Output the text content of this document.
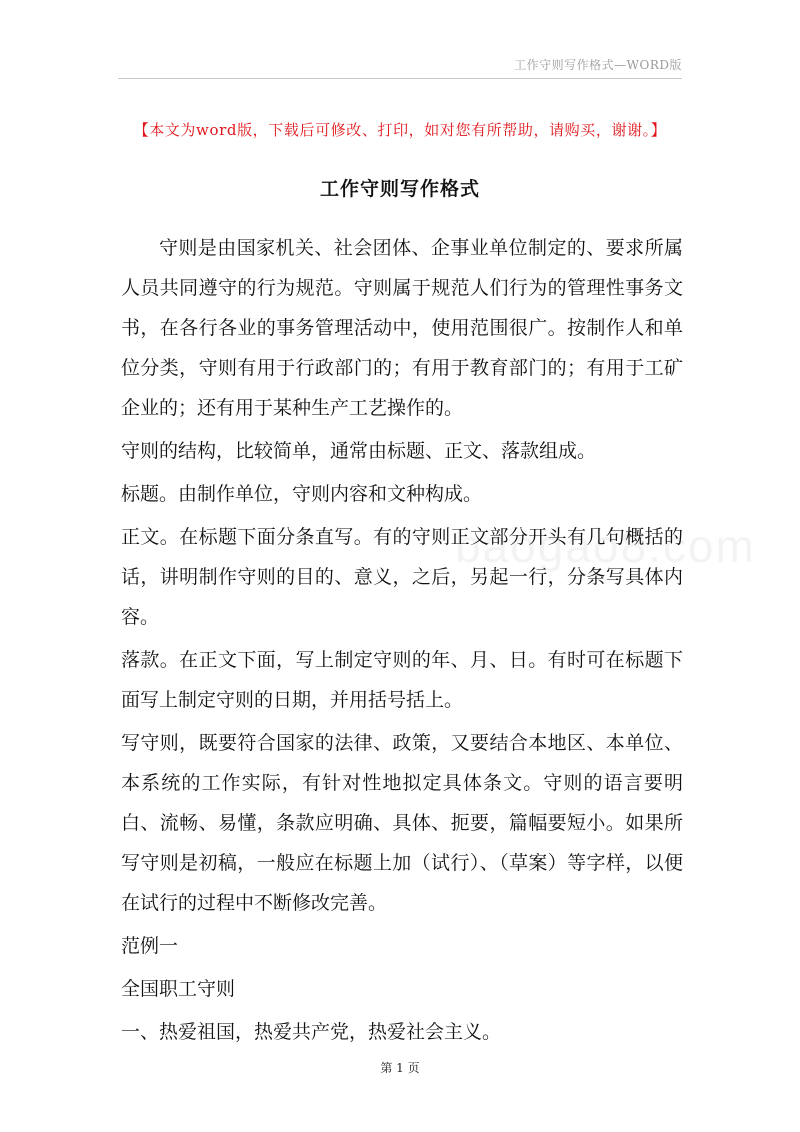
工作守则写作格式—WORD版
【本文为word版，下载后可修改、打印，如对您有所帮助，请购买，谢谢。】
工作守则写作格式

守则是由国家机关、社会团体、企事业单位制定的、要求所属人员共同遵守的行为规范。守则属于规范人们行为的管理性事务文书，在各行各业的事务管理活动中，使用范围很广。按制作人和单位分类，守则有用于行政部门的；有用于教育部门的；有用于工矿企业的；还有用于某种生产工艺操作的。

守则的结构，比较简单，通常由标题、正文、落款组成。

标题。由制作单位，守则内容和文种构成。

正文。在标题下面分条直写。有的守则正文部分开头有几句概括的话，讲明制作守则的目的、意义，之后，另起一行，分条写具体内容。

落款。在正文下面，写上制定守则的年、月、日。有时可在标题下面写上制定守则的日期，并用括号括上。

写守则，既要符合国家的法律、政策，又要结合本地区、本单位、本系统的工作实际，有针对性地拟定具体条文。守则的语言要明白、流畅、易懂，条款应明确、具体、扼要，篇幅要短小。如果所写守则是初稿，一般应在标题上加（试行）、（草案）等字样，以便在试行的过程中不断修改完善。

范例一

全国职工守则

一、热爱祖国，热爱共产党，热爱社会主义。

第 1 页
